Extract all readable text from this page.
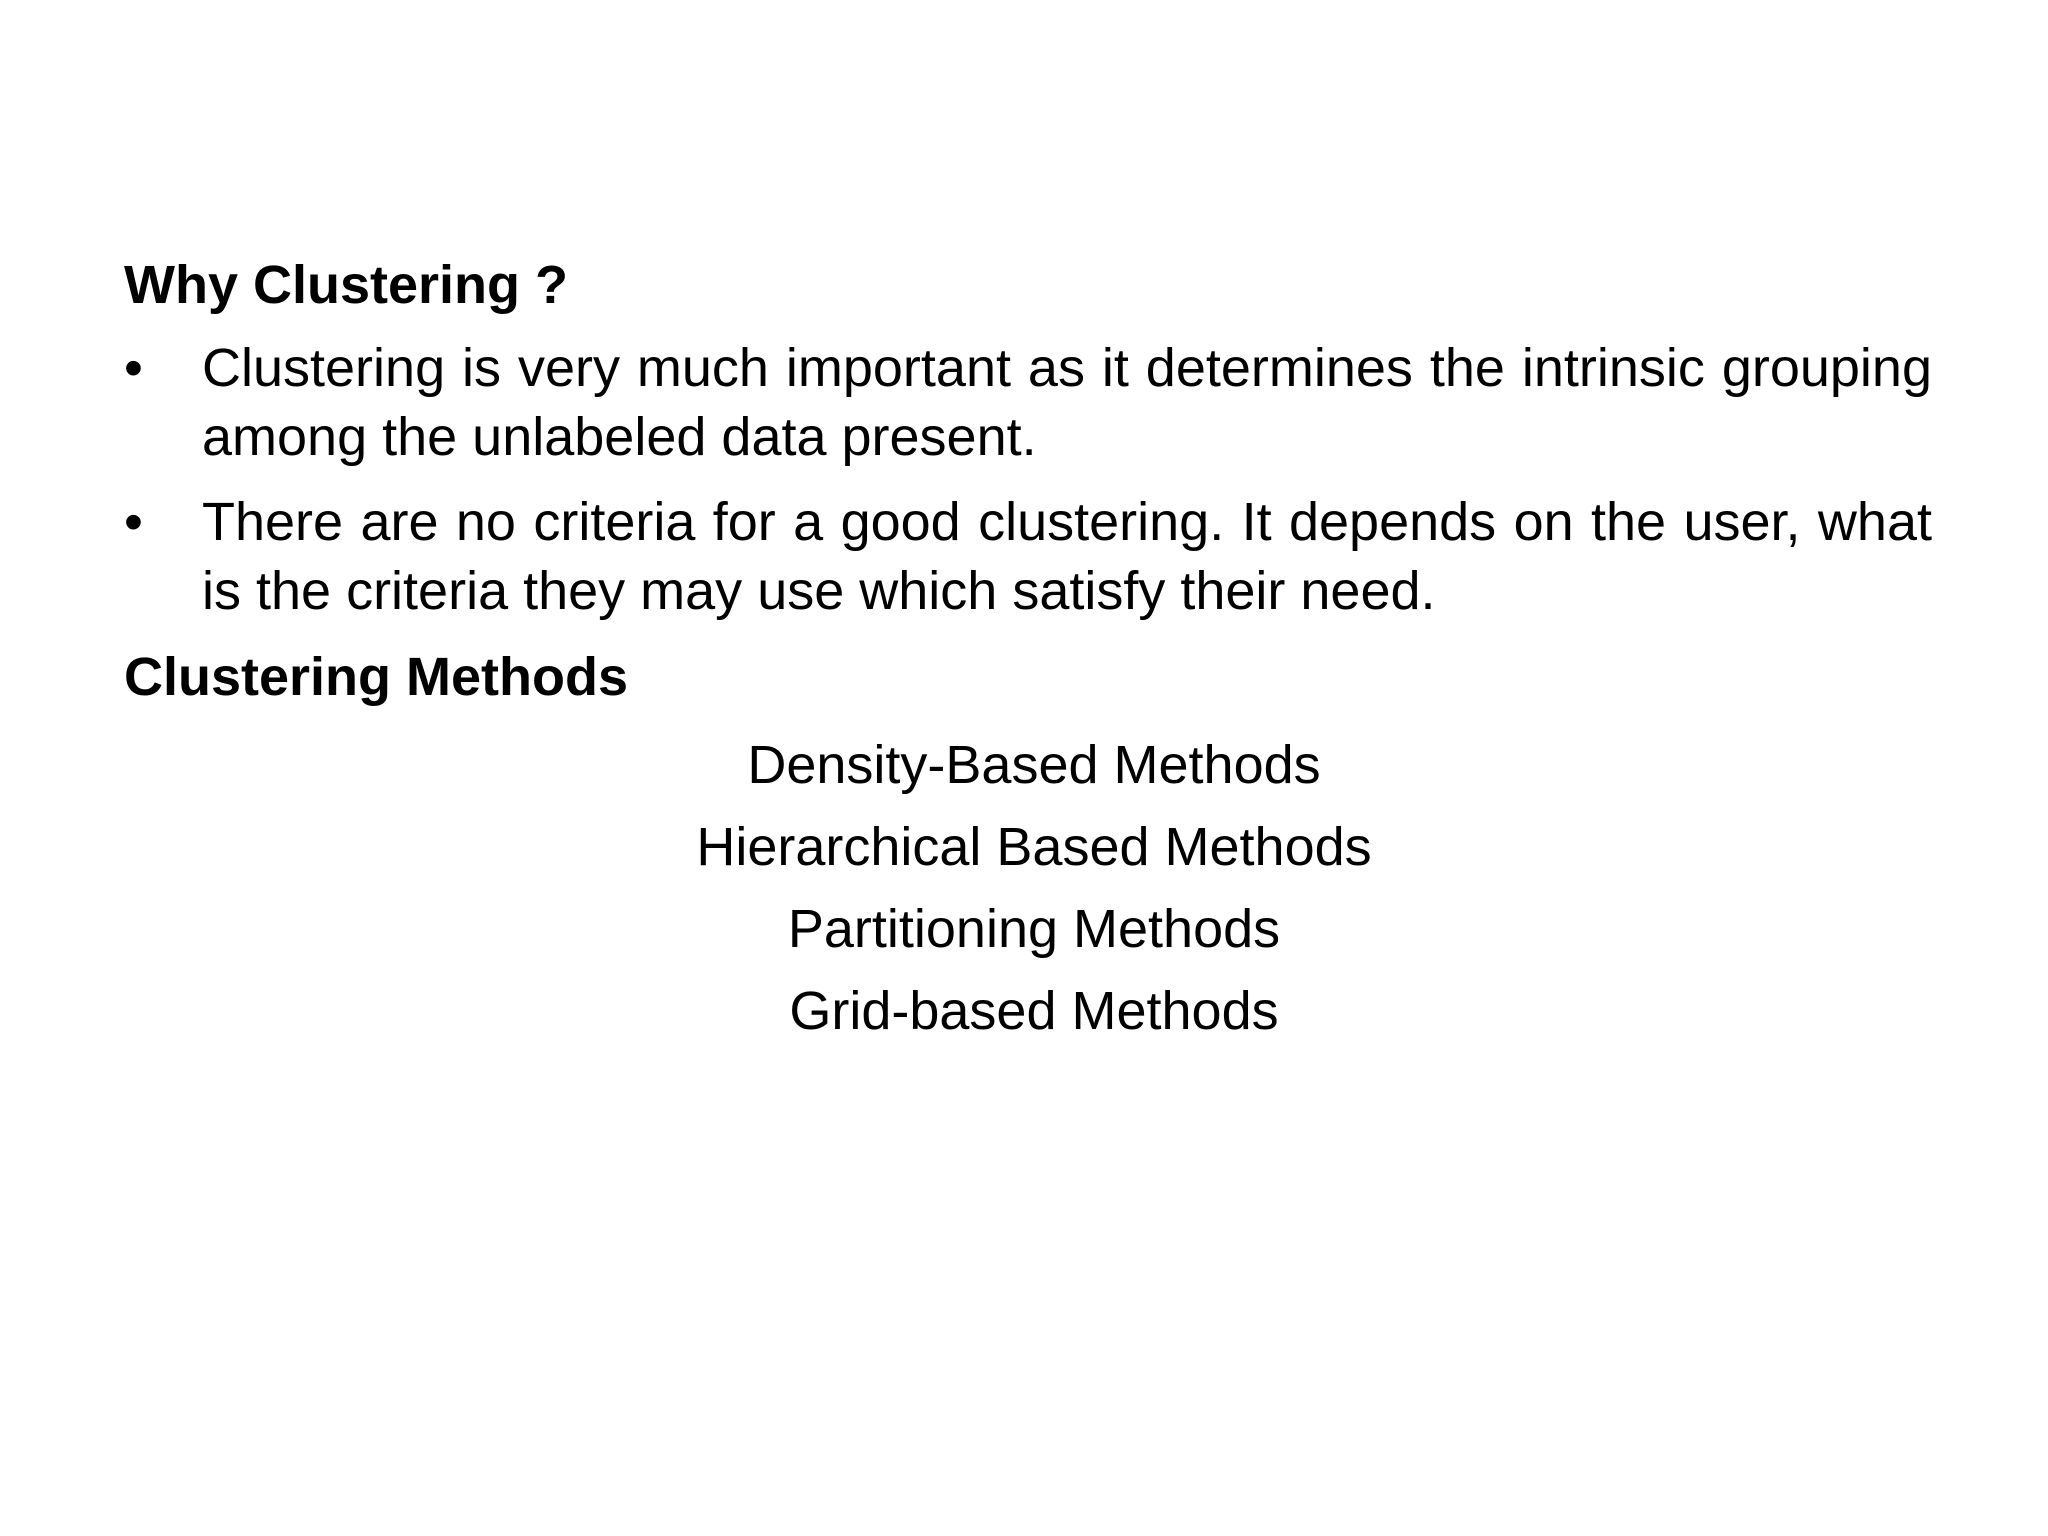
Why Clustering ?

•	Clustering is very much important as it determines the intrinsic grouping among the unlabeled data present.
•	There are no criteria for a good clustering. It depends on the user, what is the criteria they may use which satisfy their need.

Clustering Methods

Density-Based Methods
Hierarchical Based Methods
Partitioning Methods
Grid-based Methods
